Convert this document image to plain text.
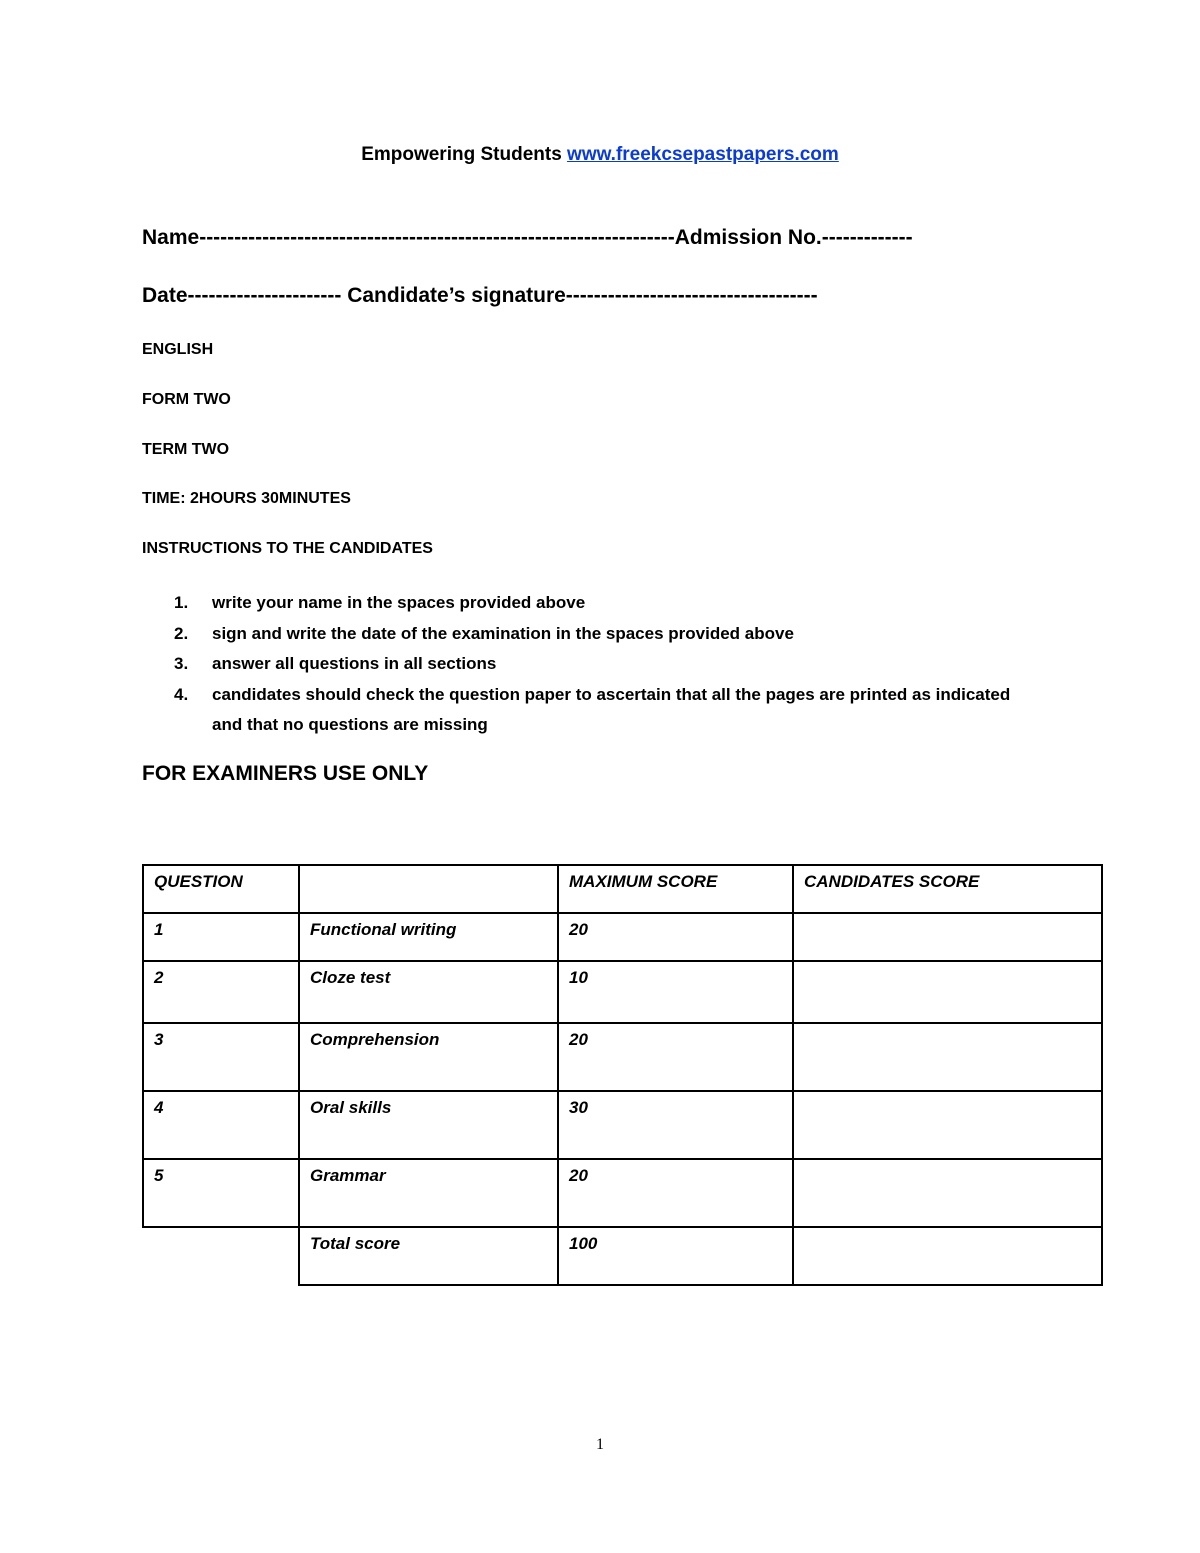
Empowering Students www.freekcsepastpapers.com
Name--------------------------------------------------------------------Admission No.-------------
Date---------------------- Candidate’s signature------------------------------------
ENGLISH
FORM TWO
TERM TWO
TIME: 2HOURS 30MINUTES
INSTRUCTIONS TO THE CANDIDATES
1.	write your name in the spaces provided above
2.	sign and write the date of the examination in the spaces provided above
3.	answer all questions in all sections
4.	candidates should check the question paper to ascertain that all the pages are printed as indicated and that no questions are missing
FOR EXAMINERS USE ONLY
QUESTION		MAXIMUM SCORE	CANDIDATES SCORE
1	Functional writing	20	
2	Cloze test	10	
3	Comprehension	20	
4	Oral skills	30	
5	Grammar	20	
	Total score	100	
1
